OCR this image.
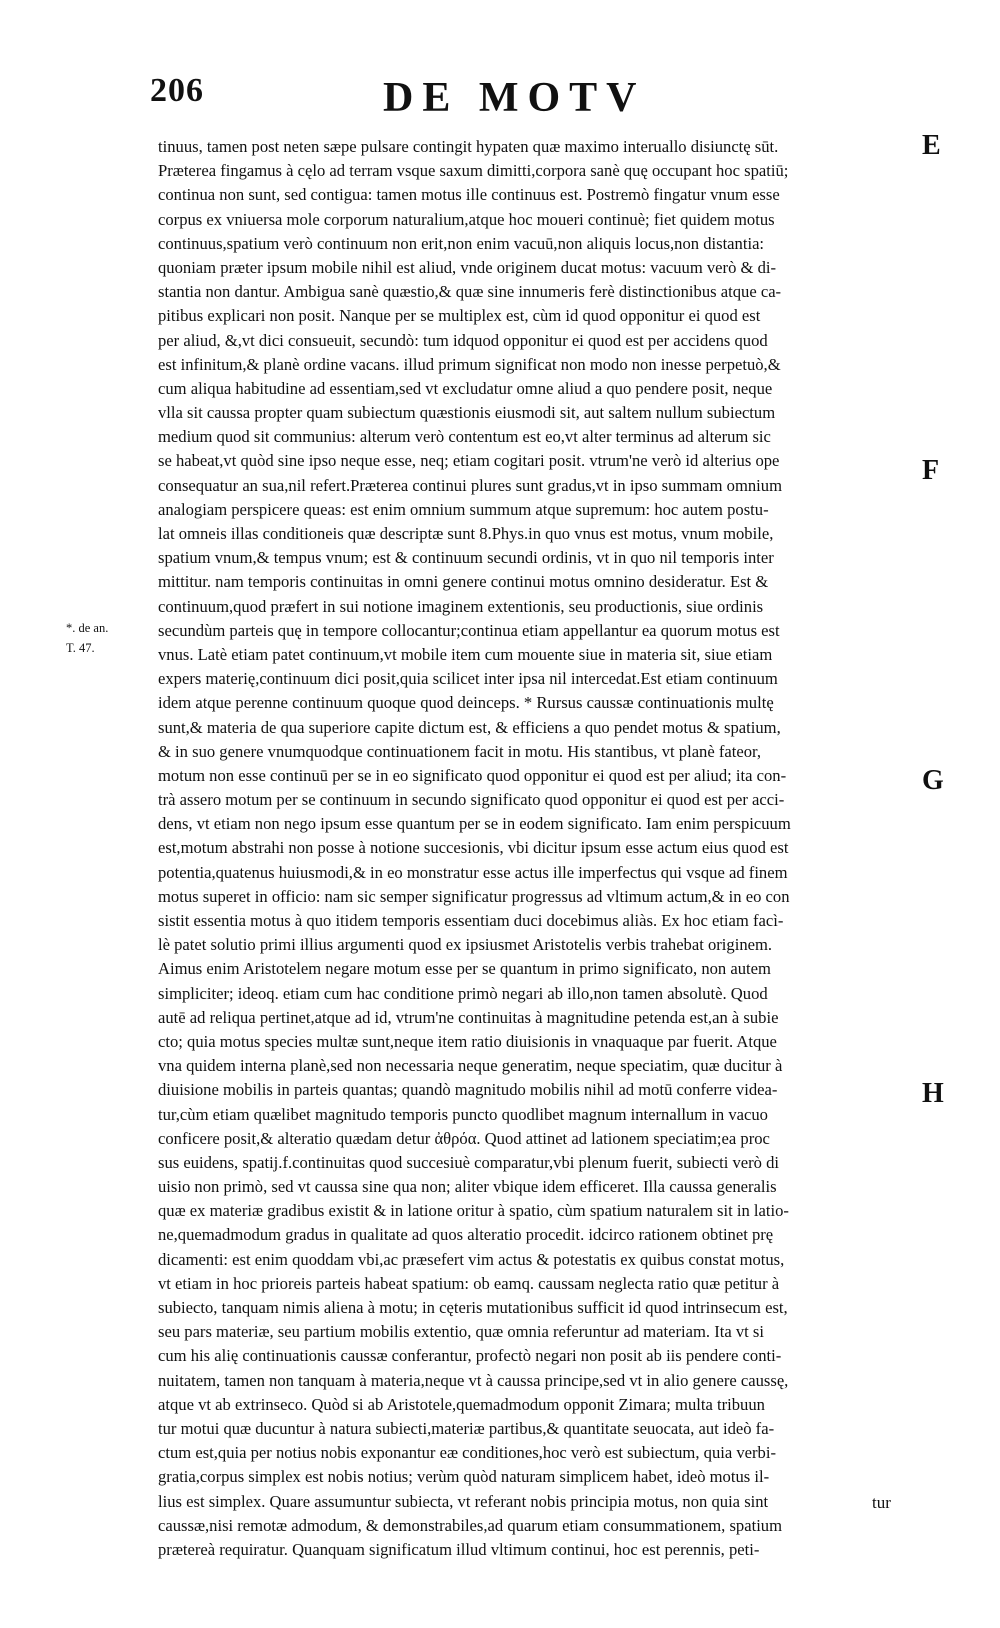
206	DE MOTV
E
F
G
H
*. de an.
T. 47.
tinuus, tamen post neten sæpe pulsare contingit hypaten quæ maximo interuallo disiunctę sūt.
Præterea fingamus à cęlo ad terram vsque saxum dimitti,corpora sanè quę occupant hoc spatiū;
continua non sunt, sed contigua: tamen motus ille continuus est. Postremò fingatur vnum esse
corpus ex vniuersa mole corporum naturalium,atque hoc moueri continuè; fiet quidem motus
continuus,spatium verò continuum non erit,non enim vacuū,non aliquis locus,non distantia:
quoniam præter ipsum mobile nihil est aliud, vnde originem ducat motus: vacuum verò & di-
stantia non dantur. Ambigua sanè quæstio,& quæ sine innumeris ferè distinctionibus atque ca-
pitibus explicari non posit. Nanque per se multiplex est, cùm id quod opponitur ei quod est
per aliud, &,vt dici consueuit, secundò: tum idquod opponitur ei quod est per accidens quod
est infinitum,& planè ordine vacans. illud primum significat non modo non inesse perpetuò,&
cum aliqua habitudine ad essentiam,sed vt excludatur omne aliud a quo pendere posit, neque
vlla sit caussa propter quam subiectum quæstionis eiusmodi sit, aut saltem nullum subiectum
medium quod sit communius: alterum verò contentum est eo,vt alter terminus ad alterum sic
se habeat,vt quòd sine ipso neque esse, neq; etiam cogitari posit. vtrum'ne verò id alterius ope
consequatur an sua,nil refert.Præterea continui plures sunt gradus,vt in ipso summam omnium
analogiam perspicere queas: est enim omnium summum atque supremum: hoc autem postu-
lat omneis illas conditioneis quæ descriptæ sunt 8.Phys.in quo vnus est motus, vnum mobile,
spatium vnum,& tempus vnum; est & continuum secundi ordinis, vt in quo nil temporis inter
mittitur. nam temporis continuitas in omni genere continui motus omnino desideratur. Est &
continuum,quod præfert in sui notione imaginem extentionis, seu productionis, siue ordinis
secundùm parteis quę in tempore collocantur;continua etiam appellantur ea quorum motus est
vnus. Latè etiam patet continuum,vt mobile item cum mouente siue in materia sit, siue etiam
expers materię,continuum dici posit,quia scilicet inter ipsa nil intercedat.Est etiam continuum
idem atque perenne continuum quoque quod deinceps. * Rursus caussæ continuationis multę
sunt,& materia de qua superiore capite dictum est, & efficiens a quo pendet motus & spatium,
& in suo genere vnumquodque continuationem facit in motu. His stantibus, vt planè fateor,
motum non esse continuū per se in eo significato quod opponitur ei quod est per aliud; ita con-
trà assero motum per se continuum in secundo significato quod opponitur ei quod est per acci-
dens, vt etiam non nego ipsum esse quantum per se in eodem significato. Iam enim perspicuum
est,motum abstrahi non posse à notione succesionis, vbi dicitur ipsum esse actum eius quod est
potentia,quatenus huiusmodi,& in eo monstratur esse actus ille imperfectus qui vsque ad finem
motus superet in officio: nam sic semper significatur progressus ad vltimum actum,& in eo con
sistit essentia motus à quo itidem temporis essentiam duci docebimus aliàs. Ex hoc etiam facì-
lè patet solutio primi illius argumenti quod ex ipsiusmet Aristotelis verbis trahebat originem.
Aimus enim Aristotelem negare motum esse per se quantum in primo significato, non autem
simpliciter; ideoq. etiam cum hac conditione primò negari ab illo,non tamen absolutè. Quod
autē ad reliqua pertinet,atque ad id, vtrum'ne continuitas à magnitudine petenda est,an à subie
cto; quia motus species multæ sunt,neque item ratio diuisionis in vnaquaque par fuerit. Atque
vna quidem interna planè,sed non necessaria neque generatim, neque speciatim, quæ ducitur à
diuisione mobilis in parteis quantas; quandò magnitudo mobilis nihil ad motū conferre videa-
tur,cùm etiam quælibet magnitudo temporis puncto quodlibet magnum internallum in vacuo
conficere posit,& alteratio quædam detur ἀθρόα. Quod attinet ad lationem speciatim;ea proc
sus euidens, spatij.f.continuitas quod succesiuè comparatur,vbi plenum fuerit, subiecti verò di
uisio non primò, sed vt caussa sine qua non; aliter vbique idem efficeret. Illa caussa generalis
quæ ex materiæ gradibus existit & in latione oritur à spatio, cùm spatium naturalem sit in latio-
ne,quemadmodum gradus in qualitate ad quos alteratio procedit. idcirco rationem obtinet prę
dicamenti: est enim quoddam vbi,ac præsefert vim actus & potestatis ex quibus constat motus,
vt etiam in hoc prioreis parteis habeat spatium: ob eamq. caussam neglecta ratio quæ petitur à
subiecto, tanquam nimis aliena à motu; in cęteris mutationibus sufficit id quod intrinsecum est,
seu pars materiæ, seu partium mobilis extentio, quæ omnia referuntur ad materiam. Ita vt si
cum his alię continuationis caussæ conferantur, profectò negari non posit ab iis pendere conti-
nuitatem, tamen non tanquam à materia,neque vt à caussa principe,sed vt in alio genere caussę,
atque vt ab extrinseco. Quòd si ab Aristotele,quemadmodum opponit Zimara; multa tribuun
tur motui quæ ducuntur à natura subiecti,materiæ partibus,& quantitate seuocata, aut ideò fa-
ctum est,quia per notius nobis exponantur eæ conditiones,hoc verò est subiectum, quia verbi-
gratia,corpus simplex est nobis notius; verùm quòd naturam simplicem habet, ideò motus il-
lius est simplex. Quare assumuntur subiecta, vt referant nobis principia motus, non quia sint
caussæ,nisi remotæ admodum, & demonstrabiles,ad quarum etiam consummationem, spatium
prætereà requiratur. Quanquam significatum illud vltimum continui, hoc est perennis, peti-
tur
